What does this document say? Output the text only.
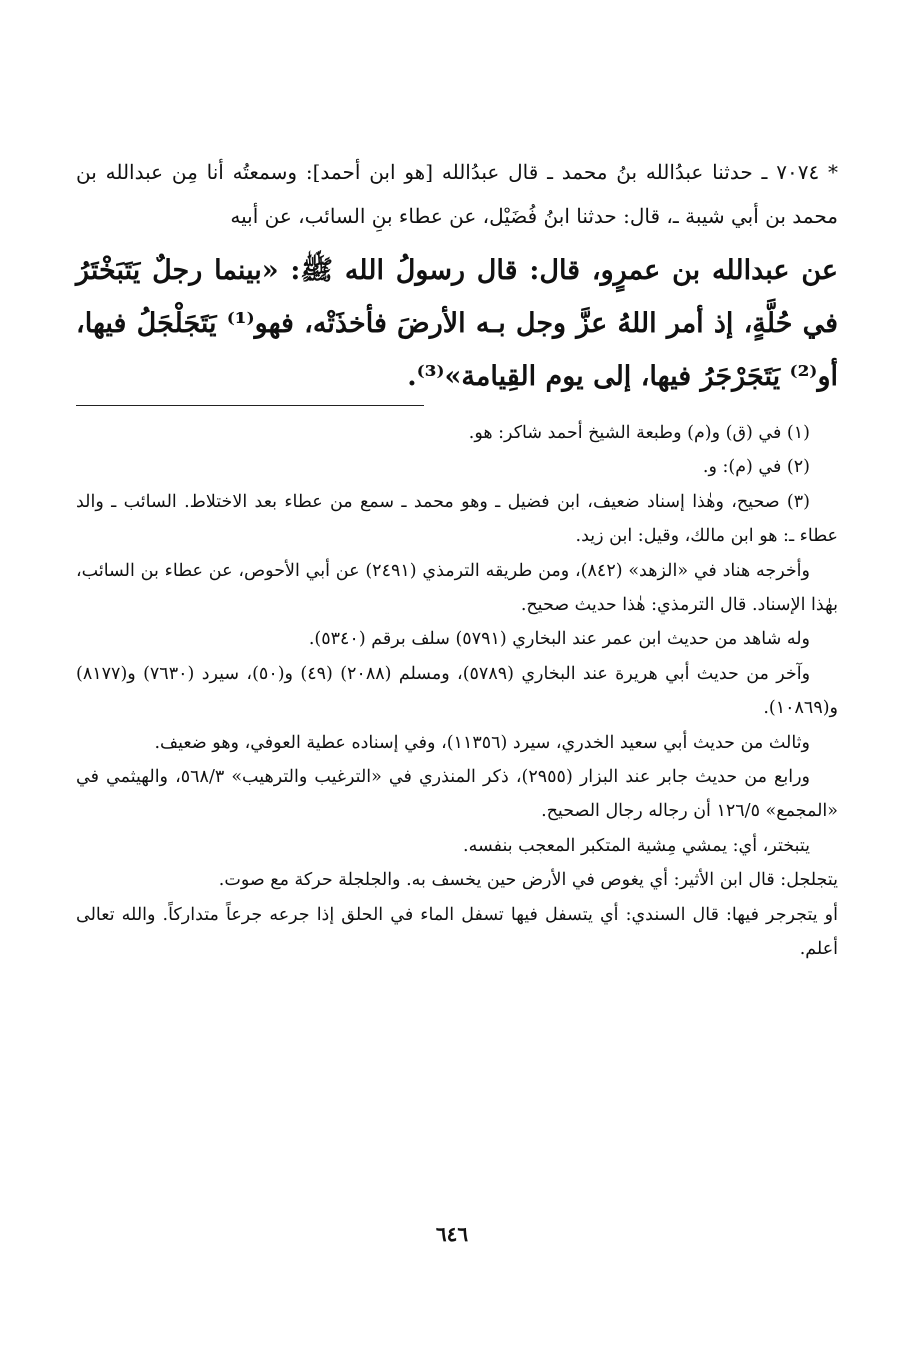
* ٧٠٧٤ ـ حدثنا عبدُالله بنُ محمد ـ قال عبدُالله [هو ابن أحمد]: وسمعتُه أنا مِن عبدالله بن محمد بن أبي شيبة ـ، قال: حدثنا ابنُ فُضَيْل، عن عطاء بنِ السائب، عن أبيه
عن عبدالله بن عمرٍو، قال: قال رسولُ الله ﷺ: «بينما رجلٌ يَتَبَخْتَرُ في حُلَّةٍ، إذ أمر اللهُ عزَّ وجل بـه الأرضَ فأخذَتْه، فهو⁽¹⁾ يَتَجَلْجَلُ فيها، أو⁽²⁾ يَتَجَرْجَرُ فيها، إلى يوم القِيامة»⁽³⁾.

(١) في (ق) و(م) وطبعة الشيخ أحمد شاكر: هو.

(٢) في (م): و.

(٣) صحيح، وهٰذا إسناد ضعيف، ابن فضيل ـ وهو محمد ـ سمع من عطاء بعد الاختلاط. السائب ـ والد عطاء ـ: هو ابن مالك، وقيل: ابن زيد.

وأخرجه هناد في «الزهد» (٨٤٢)، ومن طريقه الترمذي (٢٤٩١) عن أبي الأحوص، عن عطاء بن السائب، بهٰذا الإسناد. قال الترمذي: هٰذا حديث صحيح.

وله شاهد من حديث ابن عمر عند البخاري (٥٧٩١) سلف برقم (٥٣٤٠).

وآخر من حديث أبي هريرة عند البخاري (٥٧٨٩)، ومسلم (٢٠٨٨) (٤٩) و(٥٠)، سيرد (٧٦٣٠) و(٨١٧٧) و(١٠٨٦٩).

وثالث من حديث أبي سعيد الخدري، سيرد (١١٣٥٦)، وفي إسناده عطية العوفي، وهو ضعيف.

ورابع من حديث جابر عند البزار (٢٩٥٥)، ذكر المنذري في «الترغيب والترهيب» ٥٦٨/٣، والهيثمي في «المجمع» ١٢٦/٥ أن رجاله رجال الصحيح.

يتبختر، أي: يمشي مِشية المتكبر المعجب بنفسه.

يتجلجل: قال ابن الأثير: أي يغوص في الأرض حين يخسف به. والجلجلة حركة مع صوت.

أو يتجرجر فيها: قال السندي: أي يتسفل فيها تسفل الماء في الحلق إذا جرعه جرعاً متداركاً. والله تعالى أعلم.

٦٤٦
